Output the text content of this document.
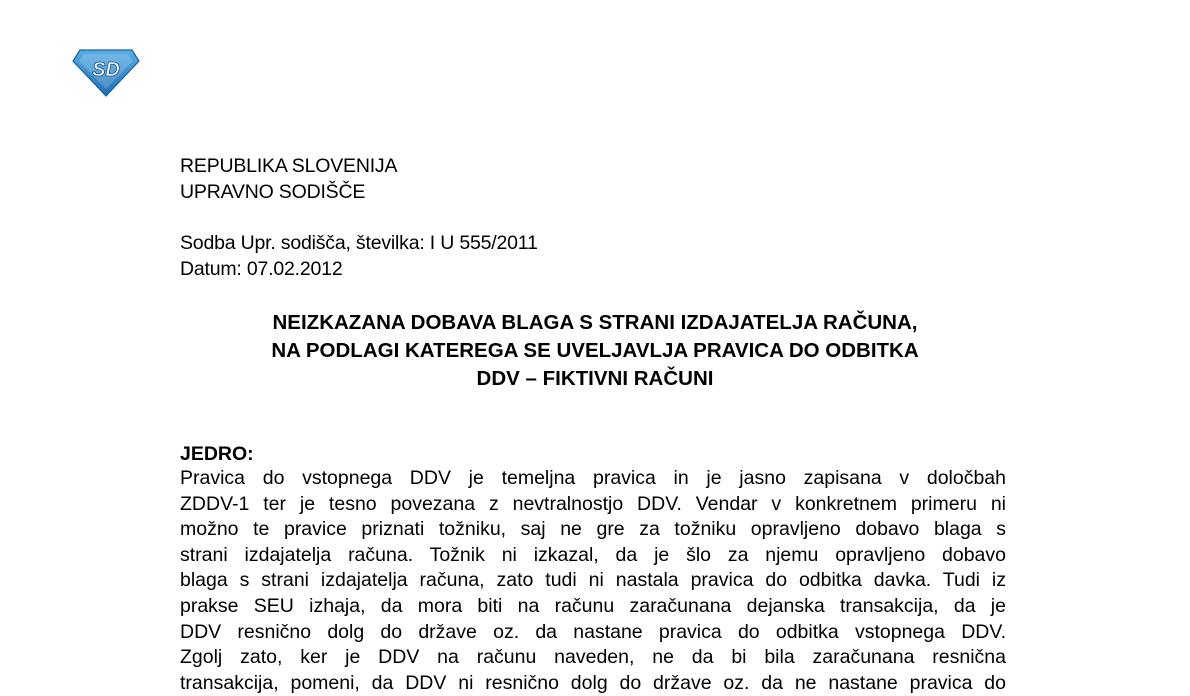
SD
REPUBLIKA SLOVENIJA
UPRAVNO SODIŠČE
Sodba Upr. sodišča, številka: I U 555/2011
Datum: 07.02.2012
NEIZKAZANA DOBAVA BLAGA S STRANI IZDAJATELJA RAČUNA,
NA PODLAGI KATEREGA SE UVELJAVLJA PRAVICA DO ODBITKA
DDV – FIKTIVNI RAČUNI
JEDRO:
Pravica do vstopnega DDV je temeljna pravica in je jasno zapisana v določbah
ZDDV-1 ter je tesno povezana z nevtralnostjo DDV. Vendar v konkretnem primeru ni
možno te pravice priznati tožniku, saj ne gre za tožniku opravljeno dobavo blaga s
strani izdajatelja računa. Tožnik ni izkazal, da je šlo za njemu opravljeno dobavo
blaga s strani izdajatelja računa, zato tudi ni nastala pravica do odbitka davka. Tudi iz
prakse SEU izhaja, da mora biti na računu zaračunana dejanska transakcija, da je
DDV resnično dolg do države oz. da nastane pravica do odbitka vstopnega DDV.
Zgolj zato, ker je DDV na računu naveden, ne da bi bila zaračunana resnična
transakcija, pomeni, da DDV ni resnično dolg do države oz. da ne nastane pravica do
